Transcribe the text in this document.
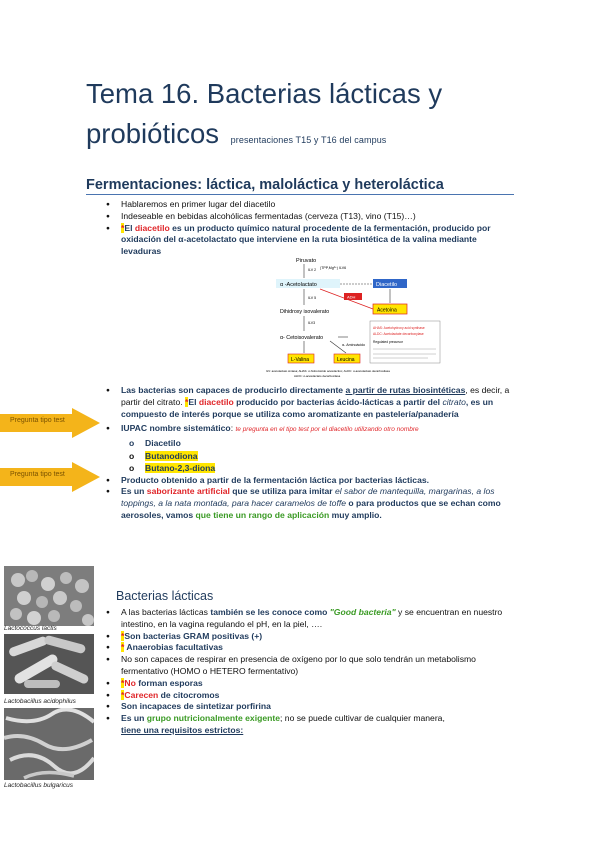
Tema 16. Bacterias lácticas y
probióticos presentaciones T15 y T16 del campus
Fermentaciones: láctica, maloláctica y heteroláctica
● Hablaremos en primer lugar del diacetilo
● Indeseable en bebidas alcohólicas fermentadas (cerveza (T13), vino (T15)…)
● *El diacetilo es un producto químico natural procedente de la fermentación, producido por oxidación del α-acetolactato que interviene en la ruta biosintética de la valina mediante levaduras
Piruvato
ILV 2 (TPP,Mg²⁺) ILV6
α -Acetolactato	Diacetilo
ILV 5	ADH
Acetoína
Dihidroxy isovalerato
ILV3
α- Cetoisovalerato
α- Aminoácido
L-Valina	Leucina
AHAS: Acetohydroxy acid synthase
ALDC: Acetolactate decarboxylase
Regulated precursor
ILV: acetolactato sintasa; AHAS: α-hidroxiácido acetolactico; ALDC: α-acetolactato decarboxilasa
ALDC: α-acetolactato decarboxilasa
Pregunta tipo test
Pregunta tipo test
● Las bacterias son capaces de producirlo directamente a partir de rutas biosintéticas, es decir, a partir del citrato. *El diacetilo producido por bacterias ácido-lácticas a partir del citrato, es un compuesto de interés porque se utiliza como aromatizante en pastelería/panadería
● IUPAC nombre sistemático: te pregunta en el tipo test por el diacetilo utilizando otro nombre
o Diacetilo
o Butanodiona
o Butano-2,3-diona
● Producto obtenido a partir de la fermentación láctica por bacterias lácticas.
● Es un saborizante artificial que se utiliza para imitar el sabor de mantequilla, margarinas, a los toppings, a la nata montada, para hacer caramelos de toffe o para productos que se echan como aerosoles, vamos que tiene un rango de aplicación muy amplio.
Bacterias lácticas
Lactococcus lactis
Lactobacillus acidophilus
Lactobacillus bulgaricus
● A las bacterias lácticas también se les conoce como "Good bacteria" y se encuentran en nuestro intestino, en la vagina regulando el pH, en la piel, ….
● *Son bacterias GRAM positivas (+)
● * Anaerobias facultativas
● No son capaces de respirar en presencia de oxígeno por lo que solo tendrán un metabolismo fermentativo (HOMO o HETERO fermentativo)
● *No forman esporas
● *Carecen de citocromos
● Son incapaces de sintetizar porfirina
● Es un grupo nutricionalmente exigente; no se puede cultivar de cualquier manera,
tiene una requisitos estrictos:
